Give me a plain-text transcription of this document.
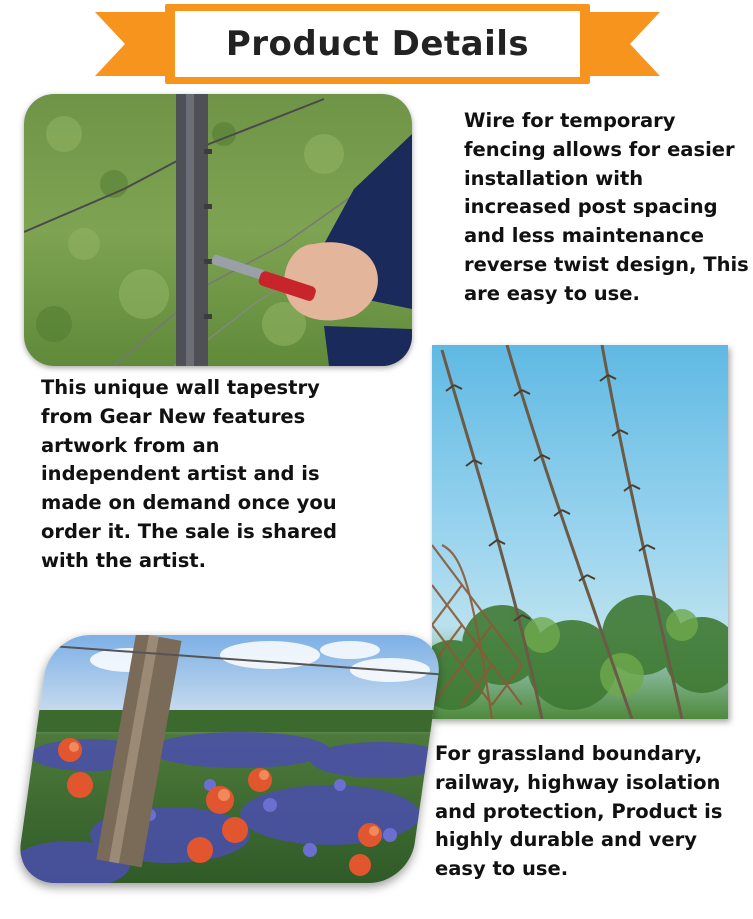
Product Details
Wire for temporary
fencing allows for easier
installation with
increased post spacing
and less maintenance
reverse twist design, This
are easy to use.
This unique wall tapestry
from Gear New features
artwork from an
independent artist and is
made on demand once you
order it. The sale is shared
with the artist.
For grassland boundary,
railway, highway isolation
and protection, Product is
highly durable and very
easy to use.
